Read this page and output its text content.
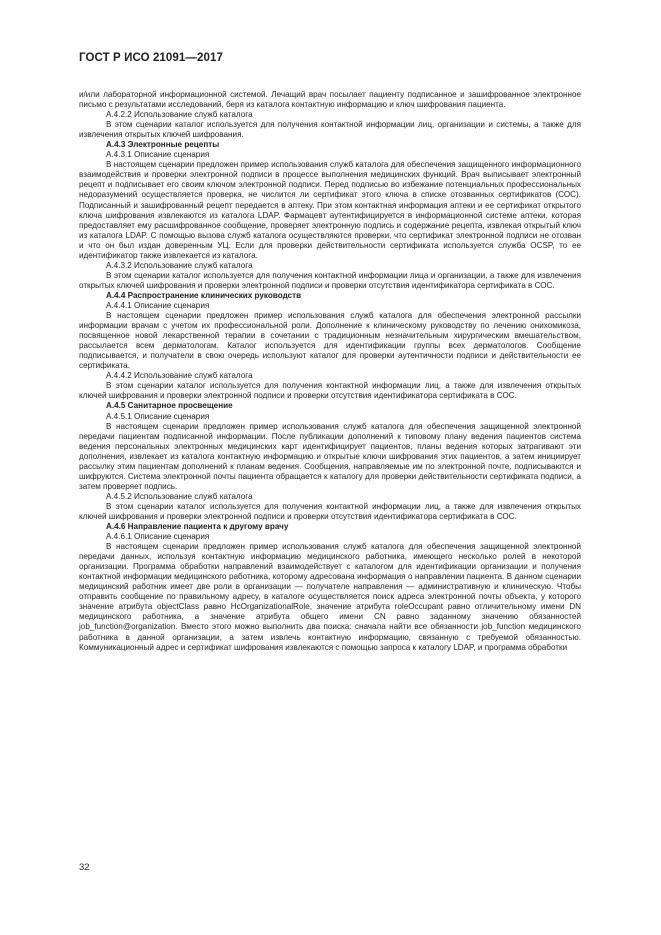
ГОСТ Р ИСО 21091—2017

и/или лабораторной информационной системой. Лечащий врач посылает пациенту подписанное и зашифрованное электронное письмо с результатами исследований, беря из каталога контактную информацию и ключ шифрования пациента.

А.4.2.2 Использование служб каталога

В этом сценарии каталог используется для получения контактной информации лиц, организации и системы, а также для извлечения открытых ключей шифрования.

А.4.3 Электронные рецепты

А.4.3.1 Описание сценария

В настоящем сценарии предложен пример использования служб каталога для обеспечения защищенного информационного взаимодействия и проверки электронной подписи в процессе выполнения медицинских функций. Врач выписывает электронный рецепт и подписывает его своим ключом электронной подписи. Перед подписью во избежание потенциальных профессиональных недоразумений осуществляется проверка, не числится ли сертификат этого ключа в списке отозванных сертификатов (СОС). Подписанный и зашифрованный рецепт передается в аптеку. При этом контактная информация аптеки и ее сертификат открытого ключа шифрования извлекаются из каталога LDAP. Фармацевт аутентифицируется в информационной системе аптеки, которая предоставляет ему расшифрованное сообщение, проверяет электронную подпись и содержание рецепта, извлекая открытый ключ из каталога LDAP. С помощью вызова служб каталога осуществляются проверки, что сертификат электронной подписи не отозван и что он был издан доверенным УЦ. Если для проверки действительности сертификата используется служба OCSP, то ее идентификатор также извлекается из каталога.

А.4.3.2 Использование служб каталога

В этом сценарии каталог используется для получения контактной информации лица и организации, а также для извлечения открытых ключей шифрования и проверки электронной подписи и проверки отсутствия идентификатора сертификата в СОС.

А.4.4 Распространение клинических руководств

А.4.4.1 Описание сценария

В настоящем сценарии предложен пример использования служб каталога для обеспечения электронной рассылки информации врачам с учетом их профессиональной роли. Дополнение к клиническому руководству по лечению онихомикоза, посвященное новой лекарственной терапии в сочетании с традиционным незначительным хирургическим вмешательством, рассылается всем дерматологам. Каталог используется для идентификации группы всех дерматологов. Сообщение подписывается, и получатели в свою очередь используют каталог для проверки аутентичности подписи и действительности ее сертификата.

А.4.4.2 Использование служб каталога

В этом сценарии каталог используется для получения контактной информации лиц, а также для извлечения открытых ключей шифрования и проверки электронной подписи и проверки отсутствия идентификатора сертификата в СОС.

А.4.5 Санитарное просвещение

А.4.5.1 Описание сценария

В настоящем сценарии предложен пример использования служб каталога для обеспечения защищенной электронной передачи пациентам подписанной информации. После публикации дополнений к типовому плану ведения пациентов система ведения персональных электронных медицинских карт идентифицирует пациентов, планы ведения которых затрагивают эти дополнения, извлекает из каталога контактную информацию и открытые ключи шифрования этих пациентов, а затем инициирует рассылку этим пациентам дополнений к планам ведения. Сообщения, направляемые им по электронной почте, подписываются и шифруются. Система электронной почты пациента обращается к каталогу для проверки действительности сертификата подписи, а затем проверяет подпись.

А.4.5.2 Использование служб каталога

В этом сценарии каталог используется для получения контактной информации лиц, а также для извлечения открытых ключей шифрования и проверки электронной подписи и проверки отсутствия идентификатора сертификата в СОС.

А.4.6 Направление пациента к другому врачу

А.4.6.1 Описание сценария

В настоящем сценарии предложен пример использования служб каталога для обеспечения защищенной электронной передачи данных, используя контактную информацию медицинского работника, имеющего несколько ролей в некоторой организации. Программа обработки направлений взаимодействует с каталогом для идентификации организации и получения контактной информации медицинского работника, которому адресована информация о направлении пациента. В данном сценарии медицинский работник имеет две роли в организации — получателе направления — административную и клиническую. Чтобы отправить сообщение по правильному адресу, в каталоге осуществляется поиск адреса электронной почты объекта, у которого значение атрибута objectClass равно HcOrganizationalRole, значение атрибута roleOccupant равно отличительному имени DN медицинского работника, а значение атрибута общего имени CN равно заданному значению обязанностей job_function@organization. Вместо этого можно выполнить два поиска: сначала найти все обязанности job_function медицинского работника в данной организации, а затем извлечь контактную информацию, связанную с требуемой обязанностью. Коммуникационный адрес и сертификат шифрования извлекаются с помощью запроса к каталогу LDAP, и программа обработки

32
